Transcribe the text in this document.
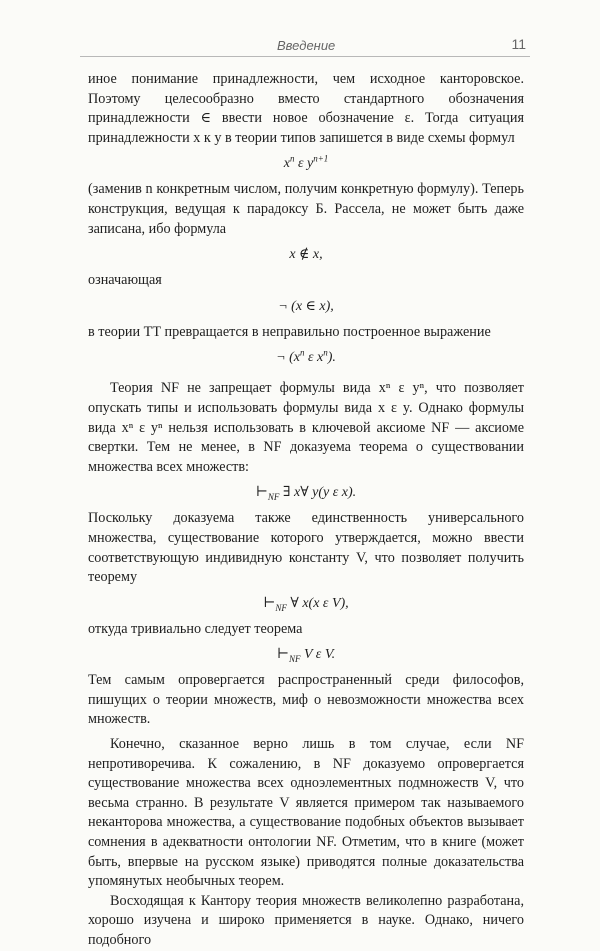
Введение	11

иное понимание принадлежности, чем исходное канторовское. Поэтому целесообразно вместо стандартного обозначения принадлежности ∈ ввести новое обозначение ε. Тогда ситуация принадлежности x к y в теории типов запишется в виде схемы формул

$x^n$ ε $y^{n+1}$

(заменив n конкретным числом, получим конкретную формулу). Теперь конструкция, ведущая к парадоксу Б. Рассела, не может быть даже записана, ибо формула

x ∉ x,

означающая

¬ (x ∈ x),

в теории ТТ превращается в неправильно построенное выражение

¬ ($x^n$ ε $x^n$).

Теория NF не запрещает формулы вида xⁿ ε yⁿ, что позволяет опускать типы и использовать формулы вида x ε y. Однако формулы вида xⁿ ε yⁿ нельзя использовать в ключевой аксиоме NF — аксиоме свертки. Тем не менее, в NF доказуема теорема о существовании множества всех множеств:

$⊢_{NF}$ ∃ x∀ y(y ε x).

Поскольку доказуема также единственность универсального множества, существование которого утверждается, можно ввести соответствующую индивидную константу V, что позволяет получить теорему

$⊢_{NF}$ ∀ x(x ε V),

откуда тривиально следует теорема

$⊢_{NF}$ V ε V.

Тем самым опровергается распространенный среди философов, пишущих о теории множеств, миф о невозможности множества всех множеств.

Конечно, сказанное верно лишь в том случае, если NF непротиворечива. К сожалению, в NF доказуемо опровергается существование множества всех одноэлементных подмножеств V, что весьма странно. В результате V является примером так называемого неканторова множества, а существование подобных объектов вызывает сомнения в адекватности онтологии NF. Отметим, что в книге (может быть, впервые на русском языке) приводятся полные доказательства упомянутых необычных теорем.

Восходящая к Кантору теория множеств великолепно разработана, хорошо изучена и широко применяется в науке. Однако, ничего подобного
